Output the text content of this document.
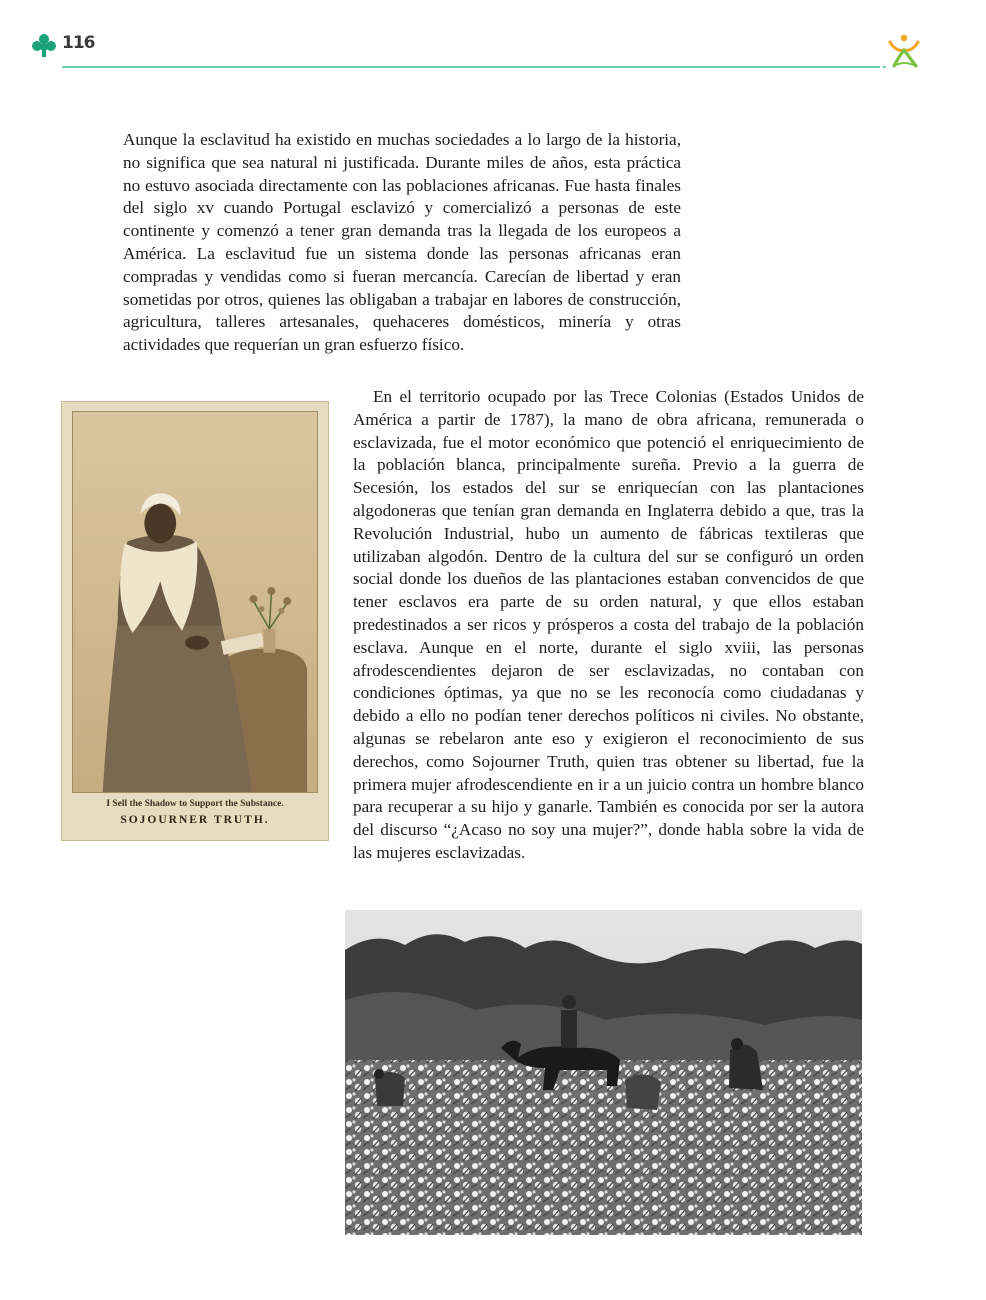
116

Aunque la esclavitud ha existido en muchas sociedades a lo largo de la historia, no significa que sea natural ni justificada. Durante miles de años, esta práctica no estuvo asociada directamente con las poblaciones africanas. Fue hasta finales del siglo xv cuando Portugal esclavizó y comercializó a personas de este continente y comenzó a tener gran demanda tras la llegada de los europeos a América. La esclavitud fue un sistema donde las personas africanas eran compradas y vendidas como si fueran mercancía. Carecían de libertad y eran sometidas por otros, quienes las obligaban a trabajar en labores de construcción, agricultura, talleres artesanales, quehaceres domésticos, minería y otras actividades que requerían un gran esfuerzo físico.

I Sell the Shadow to Support the Substance.
SOJOURNER TRUTH.

En el territorio ocupado por las Trece Colonias (Estados Unidos de América a partir de 1787), la mano de obra africana, remunerada o esclavizada, fue el motor económico que potenció el enriquecimiento de la población blanca, principalmente sureña. Previo a la guerra de Secesión, los estados del sur se enriquecían con las plantaciones algodoneras que tenían gran demanda en Inglaterra debido a que, tras la Revolución Industrial, hubo un aumento de fábricas textileras que utilizaban algodón. Dentro de la cultura del sur se configuró un orden social donde los dueños de las plantaciones estaban convencidos de que tener esclavos era parte de su orden natural, y que ellos estaban predestinados a ser ricos y prósperos a costa del trabajo de la población esclava. Aunque en el norte, durante el siglo xviii, las personas afrodescendientes dejaron de ser esclavizadas, no contaban con condiciones óptimas, ya que no se les reconocía como ciudadanas y debido a ello no podían tener derechos políticos ni civiles. No obstante, algunas se rebelaron ante eso y exigieron el reconocimiento de sus derechos, como Sojourner Truth, quien tras obtener su libertad, fue la primera mujer afrodescendiente en ir a un juicio contra un hombre blanco para recuperar a su hijo y ganarle. También es conocida por ser la autora del discurso “¿Acaso no soy una mujer?”, donde habla sobre la vida de las mujeres esclavizadas.
